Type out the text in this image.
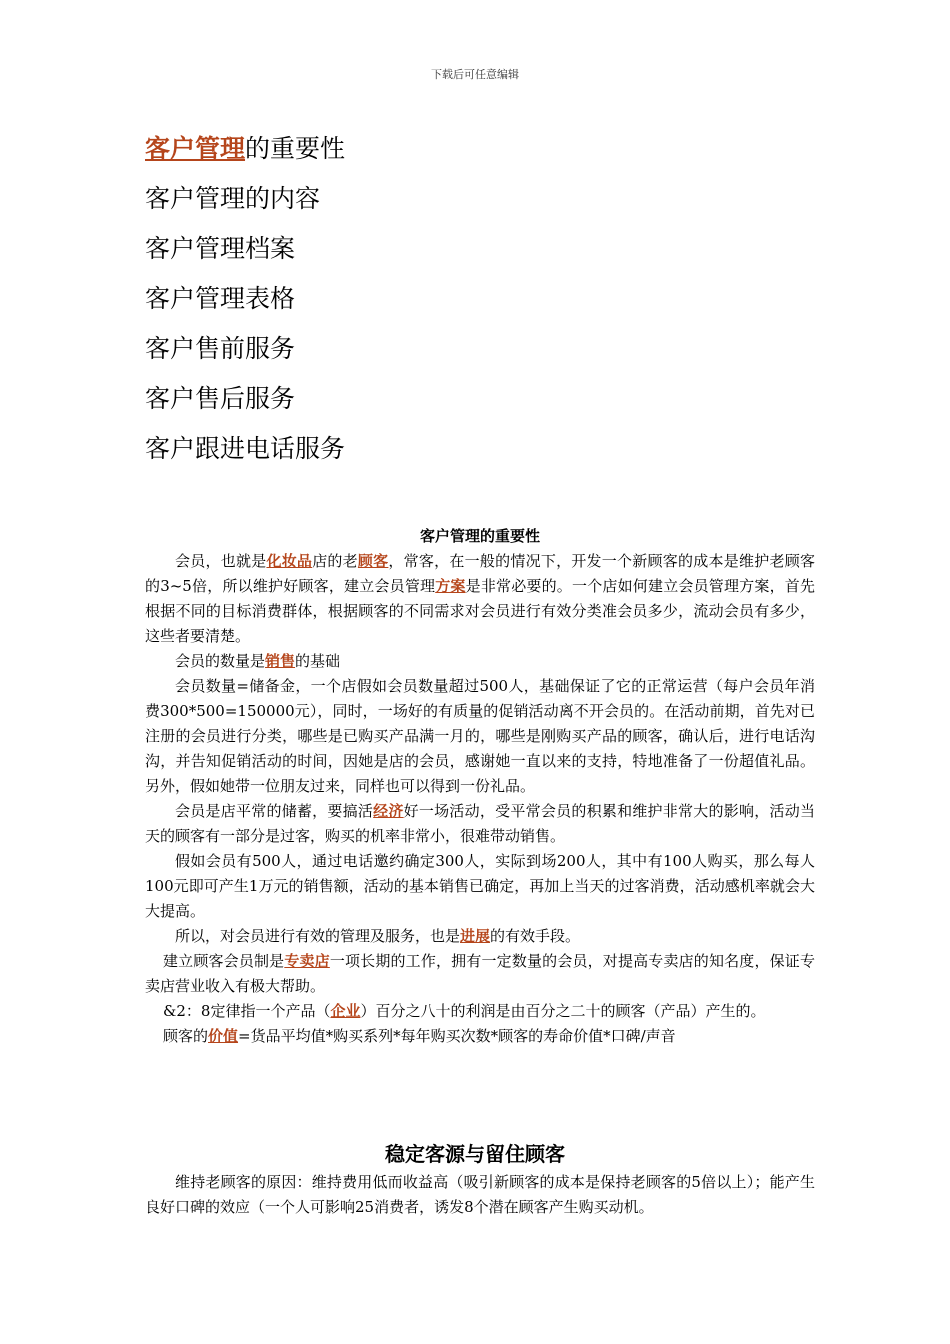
下载后可任意编辑
客户管理的重要性
客户管理的内容
客户管理档案
客户管理表格
客户售前服务
客户售后服务
客户跟进电话服务
客户管理的重要性

会员，也就是化妆品店的老顾客，常客，在一般的情况下，开发一个新顾客的成本是维护老顾客的3~5倍，所以维护好顾客，建立会员管理方案是非常必要的。一个店如何建立会员管理方案，首先根据不同的目标消费群体，根据顾客的不同需求对会员进行有效分类准会员多少，流动会员有多少，这些者要清楚。

会员的数量是销售的基础

会员数量=储备金，一个店假如会员数量超过500人，基础保证了它的正常运营（每户会员年消费300*500=150000元），同时，一场好的有质量的促销活动离不开会员的。在活动前期，首先对已注册的会员进行分类，哪些是已购买产品满一月的，哪些是刚购买产品的顾客，确认后，进行电话沟沟，并告知促销活动的时间，因她是店的会员，感谢她一直以来的支持，特地准备了一份超值礼品。另外，假如她带一位朋友过来，同样也可以得到一份礼品。

会员是店平常的储蓄，要搞活经济好一场活动，受平常会员的积累和维护非常大的影响，活动当天的顾客有一部分是过客，购买的机率非常小，很难带动销售。

假如会员有500人，通过电话邀约确定300人，实际到场200人，其中有100人购买，那么每人100元即可产生1万元的销售额，活动的基本销售已确定，再加上当天的过客消费，活动感机率就会大大提高。

所以，对会员进行有效的管理及服务，也是进展的有效手段。

建立顾客会员制是专卖店一项长期的工作，拥有一定数量的会员，对提高专卖店的知名度，保证专卖店营业收入有极大帮助。

&2：8定律指一个产品（企业）百分之八十的利润是由百分之二十的顾客（产品）产生的。

顾客的价值=货品平均值*购买系列*每年购买次数*顾客的寿命价值*口碑/声音

稳定客源与留住顾客

维持老顾客的原因：维持费用低而收益高（吸引新顾客的成本是保持老顾客的5倍以上）；能产生良好口碑的效应（一个人可影响25消费者，诱发8个潜在顾客产生购买动机。
